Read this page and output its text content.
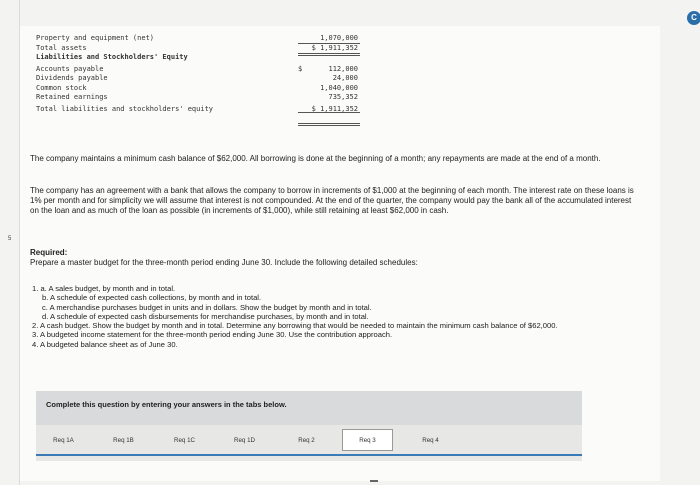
5
C
Property and equipment (net)	1,070,000
Total assets	$ 1,911,352
Liabilities and Stockholders' Equity
Accounts payable	$	112,000
Dividends payable	24,000
Common stock	1,040,000
Retained earnings	735,352
Total liabilities and stockholders' equity	$ 1,911,352
The company maintains a minimum cash balance of $62,000. All borrowing is done at the beginning of a month; any repayments are made at the end of a month.
The company has an agreement with a bank that allows the company to borrow in increments of $1,000 at the beginning of each month. The interest rate on these loans is 1% per month and for simplicity we will assume that interest is not compounded. At the end of the quarter, the company would pay the bank all of the accumulated interest on the loan and as much of the loan as possible (in increments of $1,000), while still retaining at least $62,000 in cash.
Required:
Prepare a master budget for the three-month period ending June 30. Include the following detailed schedules:
1. a. A sales budget, by month and in total.
b. A schedule of expected cash collections, by month and in total.
c. A merchandise purchases budget in units and in dollars. Show the budget by month and in total.
d. A schedule of expected cash disbursements for merchandise purchases, by month and in total.
2. A cash budget. Show the budget by month and in total. Determine any borrowing that would be needed to maintain the minimum cash balance of $62,000.
3. A budgeted income statement for the three-month period ending June 30. Use the contribution approach.
4. A budgeted balance sheet as of June 30.
Complete this question by entering your answers in the tabs below.
Req 1A	Req 1B	Req 1C	Req 1D	Req 2	Req 3	Req 4
